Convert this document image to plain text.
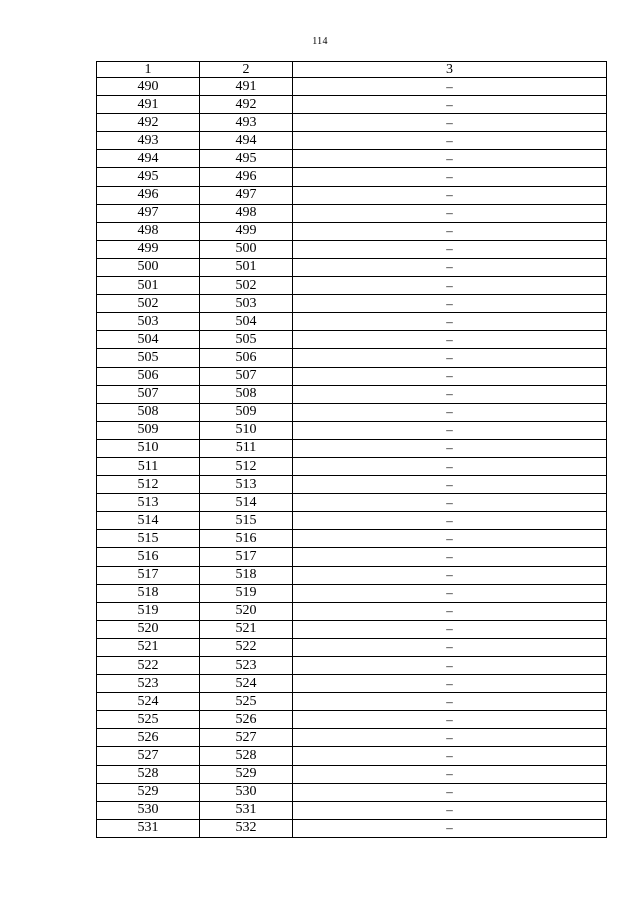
114
1	2	3
490	491	–
491	492	–
492	493	–
493	494	–
494	495	–
495	496	–
496	497	–
497	498	–
498	499	–
499	500	–
500	501	–
501	502	–
502	503	–
503	504	–
504	505	–
505	506	–
506	507	–
507	508	–
508	509	–
509	510	–
510	511	–
511	512	–
512	513	–
513	514	–
514	515	–
515	516	–
516	517	–
517	518	–
518	519	–
519	520	–
520	521	–
521	522	–
522	523	–
523	524	–
524	525	–
525	526	–
526	527	–
527	528	–
528	529	–
529	530	–
530	531	–
531	532	–
